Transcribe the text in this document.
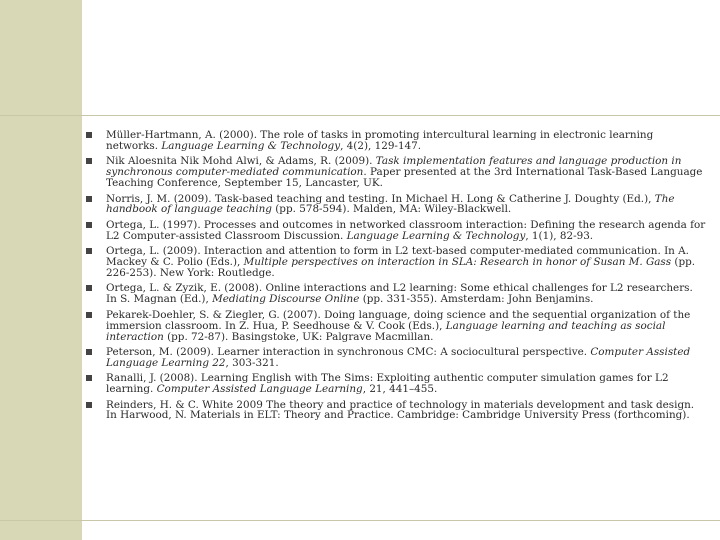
Müller-Hartmann, A. (2000). The role of tasks in promoting intercultural learning in electronic learning networks. Language Learning & Technology, 4(2), 129-147.
Nik Aloesnita Nik Mohd Alwi, & Adams, R. (2009). Task implementation features and language production in synchronous computer-mediated communication. Paper presented at the 3rd International Task-Based Language Teaching Conference, September 15, Lancaster, UK.
Norris, J. M. (2009). Task-based teaching and testing. In Michael H. Long & Catherine J. Doughty (Ed.), The handbook of language teaching (pp. 578-594). Malden, MA: Wiley-Blackwell.
Ortega, L. (1997). Processes and outcomes in networked classroom interaction: Defining the research agenda for L2 Computer-assisted Classroom Discussion. Language Learning & Technology, 1(1), 82-93.
Ortega, L. (2009). Interaction and attention to form in L2 text-based computer-mediated communication. In A. Mackey & C. Polio (Eds.), Multiple perspectives on interaction in SLA: Research in honor of Susan M. Gass (pp. 226-253). New York: Routledge.
Ortega, L. & Zyzik, E. (2008). Online interactions and L2 learning: Some ethical challenges for L2 researchers. In S. Magnan (Ed.), Mediating Discourse Online (pp. 331-355). Amsterdam: John Benjamins.
Pekarek-Doehler, S. & Ziegler, G. (2007). Doing language, doing science and the sequential organization of the immersion classroom. In Z. Hua, P. Seedhouse & V. Cook (Eds.), Language learning and teaching as social interaction (pp. 72-87). Basingstoke, UK: Palgrave Macmillan.
Peterson, M. (2009). Learner interaction in synchronous CMC: A sociocultural perspective. Computer Assisted Language Learning 22, 303-321.
Ranalli, J. (2008). Learning English with The Sims: Exploiting authentic computer simulation games for L2 learning. Computer Assisted Language Learning, 21, 441–455.
Reinders, H. & C. White 2009 The theory and practice of technology in materials development and task design. In Harwood, N. Materials in ELT: Theory and Practice. Cambridge: Cambridge University Press (forthcoming).
